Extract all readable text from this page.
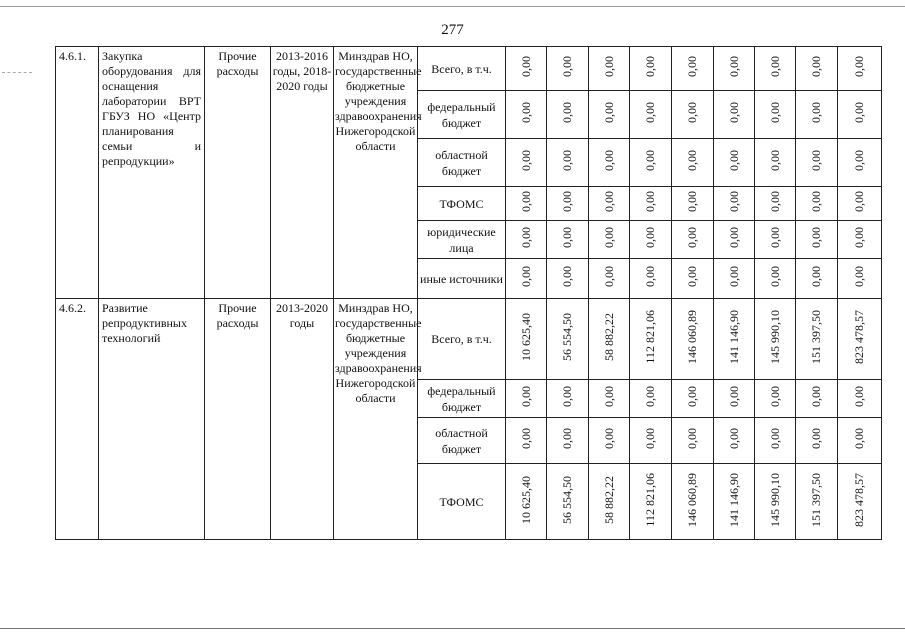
277
4.6.1.	Закупка оборудования для оснащения лаборатории ВРТ ГБУЗ НО «Центр планирования семьи и репродукции»	Прочие расходы	2013-2016 годы, 2018-2020 годы	Минздрав НО, государственные бюджетные учреждения здравоохранения Нижегородской области	Всего, в т.ч.	0,00	0,00	0,00	0,00	0,00	0,00	0,00	0,00	0,00
					федеральный бюджет	0,00	0,00	0,00	0,00	0,00	0,00	0,00	0,00	0,00
					областной бюджет	0,00	0,00	0,00	0,00	0,00	0,00	0,00	0,00	0,00
					ТФОМС	0,00	0,00	0,00	0,00	0,00	0,00	0,00	0,00	0,00
					юридические лица	0,00	0,00	0,00	0,00	0,00	0,00	0,00	0,00	0,00
					иные источники	0,00	0,00	0,00	0,00	0,00	0,00	0,00	0,00	0,00
4.6.2.	Развитие репродуктивных технологий	Прочие расходы	2013-2020 годы	Минздрав НО, государственные бюджетные учреждения здравоохранения Нижегородской области	Всего, в т.ч.	10 625,40	56 554,50	58 882,22	112 821,06	146 060,89	141 146,90	145 990,10	151 397,50	823 478,57
					федеральный бюджет	0,00	0,00	0,00	0,00	0,00	0,00	0,00	0,00	0,00
					областной бюджет	0,00	0,00	0,00	0,00	0,00	0,00	0,00	0,00	0,00
					ТФОМС	10 625,40	56 554,50	58 882,22	112 821,06	146 060,89	141 146,90	145 990,10	151 397,50	823 478,57
